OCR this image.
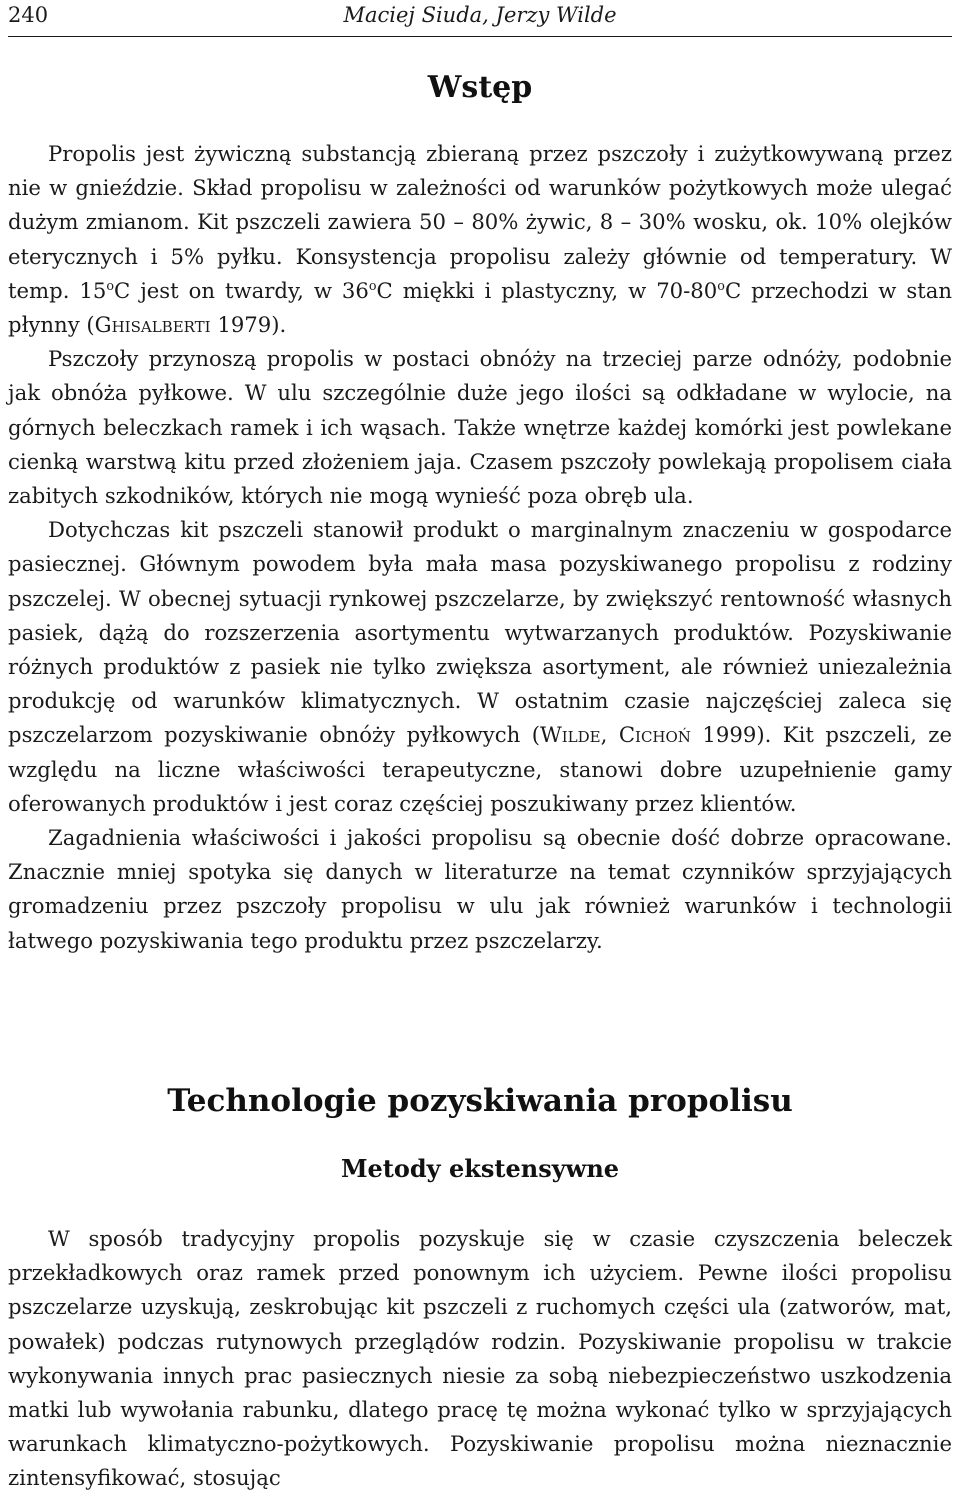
240	Maciej Siuda, Jerzy Wilde
Wstęp

Propolis jest żywiczną substancją zbieraną przez pszczoły i zużytkowywaną przez nie w gnieździe. Skład propolisu w zależności od warunków pożytkowych może ulegać dużym zmianom. Kit pszczeli zawiera 50 – 80% żywic, 8 – 30% wosku, ok. 10% olejków eterycznych i 5% pyłku. Konsystencja propolisu zależy głównie od temperatury. W temp. 15$^o$C jest on twardy, w 36$^o$C miękki i plastyczny, w 70-80$^o$C przechodzi w stan płynny (Ghisalberti 1979).

Pszczoły przynoszą propolis w postaci obnóży na trzeciej parze odnóży, podobnie jak obnóża pyłkowe. W ulu szczególnie duże jego ilości są odkładane w wylocie, na górnych beleczkach ramek i ich wąsach. Także wnętrze każdej komórki jest powlekane cienką warstwą kitu przed złożeniem jaja. Czasem pszczoły powlekają propolisem ciała zabitych szkodników, których nie mogą wynieść poza obręb ula.

Dotychczas kit pszczeli stanowił produkt o marginalnym znaczeniu w gospodarce pasiecznej. Głównym powodem była mała masa pozyskiwanego propolisu z rodziny pszczelej. W obecnej sytuacji rynkowej pszczelarze, by zwiększyć rentowność własnych pasiek, dążą do rozszerzenia asortymentu wytwarzanych produktów. Pozyskiwanie różnych produktów z pasiek nie tylko zwiększa asortyment, ale również uniezależnia produkcję od warunków klimatycznych. W ostatnim czasie najczęściej zaleca się pszczelarzom pozyskiwanie obnóży pyłkowych (Wilde, Cichoń 1999). Kit pszczeli, ze względu na liczne właściwości terapeutyczne, stanowi dobre uzupełnienie gamy oferowanych produktów i jest coraz częściej poszukiwany przez klientów.

Zagadnienia właściwości i jakości propolisu są obecnie dość dobrze opracowane. Znacznie mniej spotyka się danych w literaturze na temat czynników sprzyjających gromadzeniu przez pszczoły propolisu w ulu jak również warunków i technologii łatwego pozyskiwania tego produktu przez pszczelarzy.

Technologie pozyskiwania propolisu
Metody ekstensywne

W sposób tradycyjny propolis pozyskuje się w czasie czyszczenia beleczek przekładkowych oraz ramek przed ponownym ich użyciem. Pewne ilości propolisu pszczelarze uzyskują, zeskrobując kit pszczeli z ruchomych części ula (zatworów, mat, powałek) podczas rutynowych przeglądów rodzin. Pozyskiwanie propolisu w trakcie wykonywania innych prac pasiecznych niesie za sobą niebezpieczeństwo uszkodzenia matki lub wywołania rabunku, dlatego pracę tę można wykonać tylko w sprzyjających warunkach klimatyczno-pożytkowych. Pozyskiwanie propolisu można nieznacznie zintensyfikować, stosując
